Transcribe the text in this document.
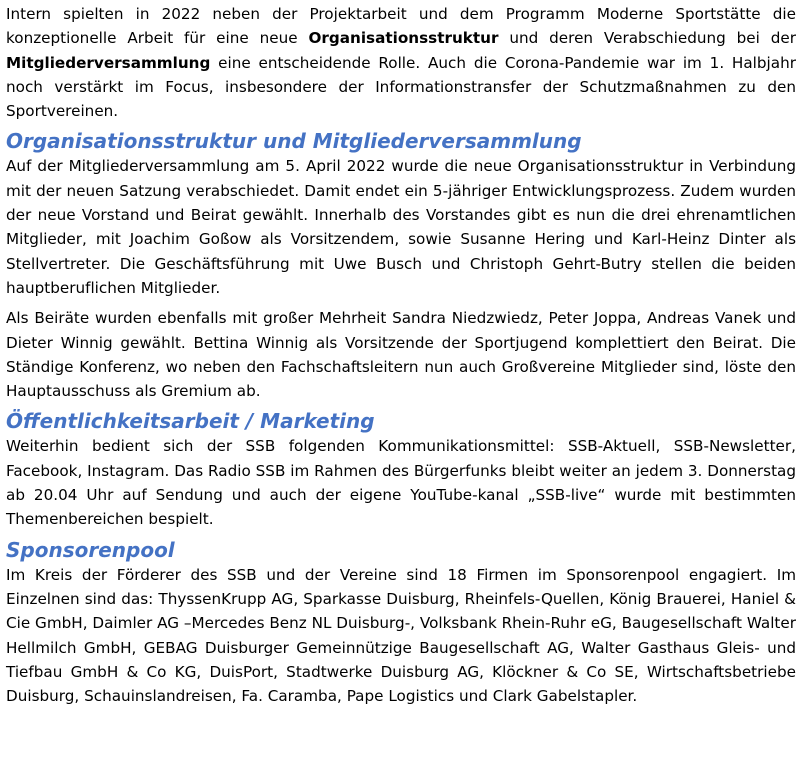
Intern spielten in 2022 neben der Projektarbeit und dem Programm Moderne Sportstätte die konzeptionelle Arbeit für eine neue Organisationsstruktur und deren Verabschiedung bei der Mitgliederversammlung eine entscheidende Rolle. Auch die Corona-Pandemie war im 1. Halbjahr noch verstärkt im Focus, insbesondere der Informationstransfer der Schutzmaßnahmen zu den Sportvereinen.

Organisationsstruktur und Mitgliederversammlung

Auf der Mitgliederversammlung am 5. April 2022 wurde die neue Organisationsstruktur in Verbindung mit der neuen Satzung verabschiedet. Damit endet ein 5-jähriger Entwicklungsprozess. Zudem wurden der neue Vorstand und Beirat gewählt. Innerhalb des Vorstandes gibt es nun die drei ehrenamtlichen Mitglieder, mit Joachim Goßow als Vorsitzendem, sowie Susanne Hering und Karl-Heinz Dinter als Stellvertreter. Die Geschäftsführung mit Uwe Busch und Christoph Gehrt-Butry stellen die beiden hauptberuflichen Mitglieder.

Als Beiräte wurden ebenfalls mit großer Mehrheit Sandra Niedzwiedz, Peter Joppa, Andreas Vanek und Dieter Winnig gewählt. Bettina Winnig als Vorsitzende der Sportjugend komplettiert den Beirat. Die Ständige Konferenz, wo neben den Fachschaftsleitern nun auch Großvereine Mitglieder sind, löste den Hauptausschuss als Gremium ab.

Öffentlichkeitsarbeit / Marketing

Weiterhin bedient sich der SSB folgenden Kommunikationsmittel: SSB-Aktuell, SSB-Newsletter, Facebook, Instagram. Das Radio SSB im Rahmen des Bürgerfunks bleibt weiter an jedem 3. Donnerstag ab 20.04 Uhr auf Sendung und auch der eigene YouTube-kanal „SSB-live“ wurde mit bestimmten Themenbereichen bespielt.

Sponsorenpool

Im Kreis der Förderer des SSB und der Vereine sind 18 Firmen im Sponsorenpool engagiert. Im Einzelnen sind das: ThyssenKrupp AG, Sparkasse Duisburg, Rheinfels-Quellen, König Brauerei, Haniel & Cie GmbH, Daimler AG –Mercedes Benz NL Duisburg-, Volksbank Rhein-Ruhr eG, Baugesellschaft Walter Hellmilch GmbH, GEBAG Duisburger Gemeinnützige Baugesellschaft AG, Walter Gasthaus Gleis- und Tiefbau GmbH & Co KG, DuisPort, Stadtwerke Duisburg AG, Klöckner & Co SE, Wirtschaftsbetriebe Duisburg, Schauinslandreisen, Fa. Caramba, Pape Logistics und Clark Gabelstapler.
